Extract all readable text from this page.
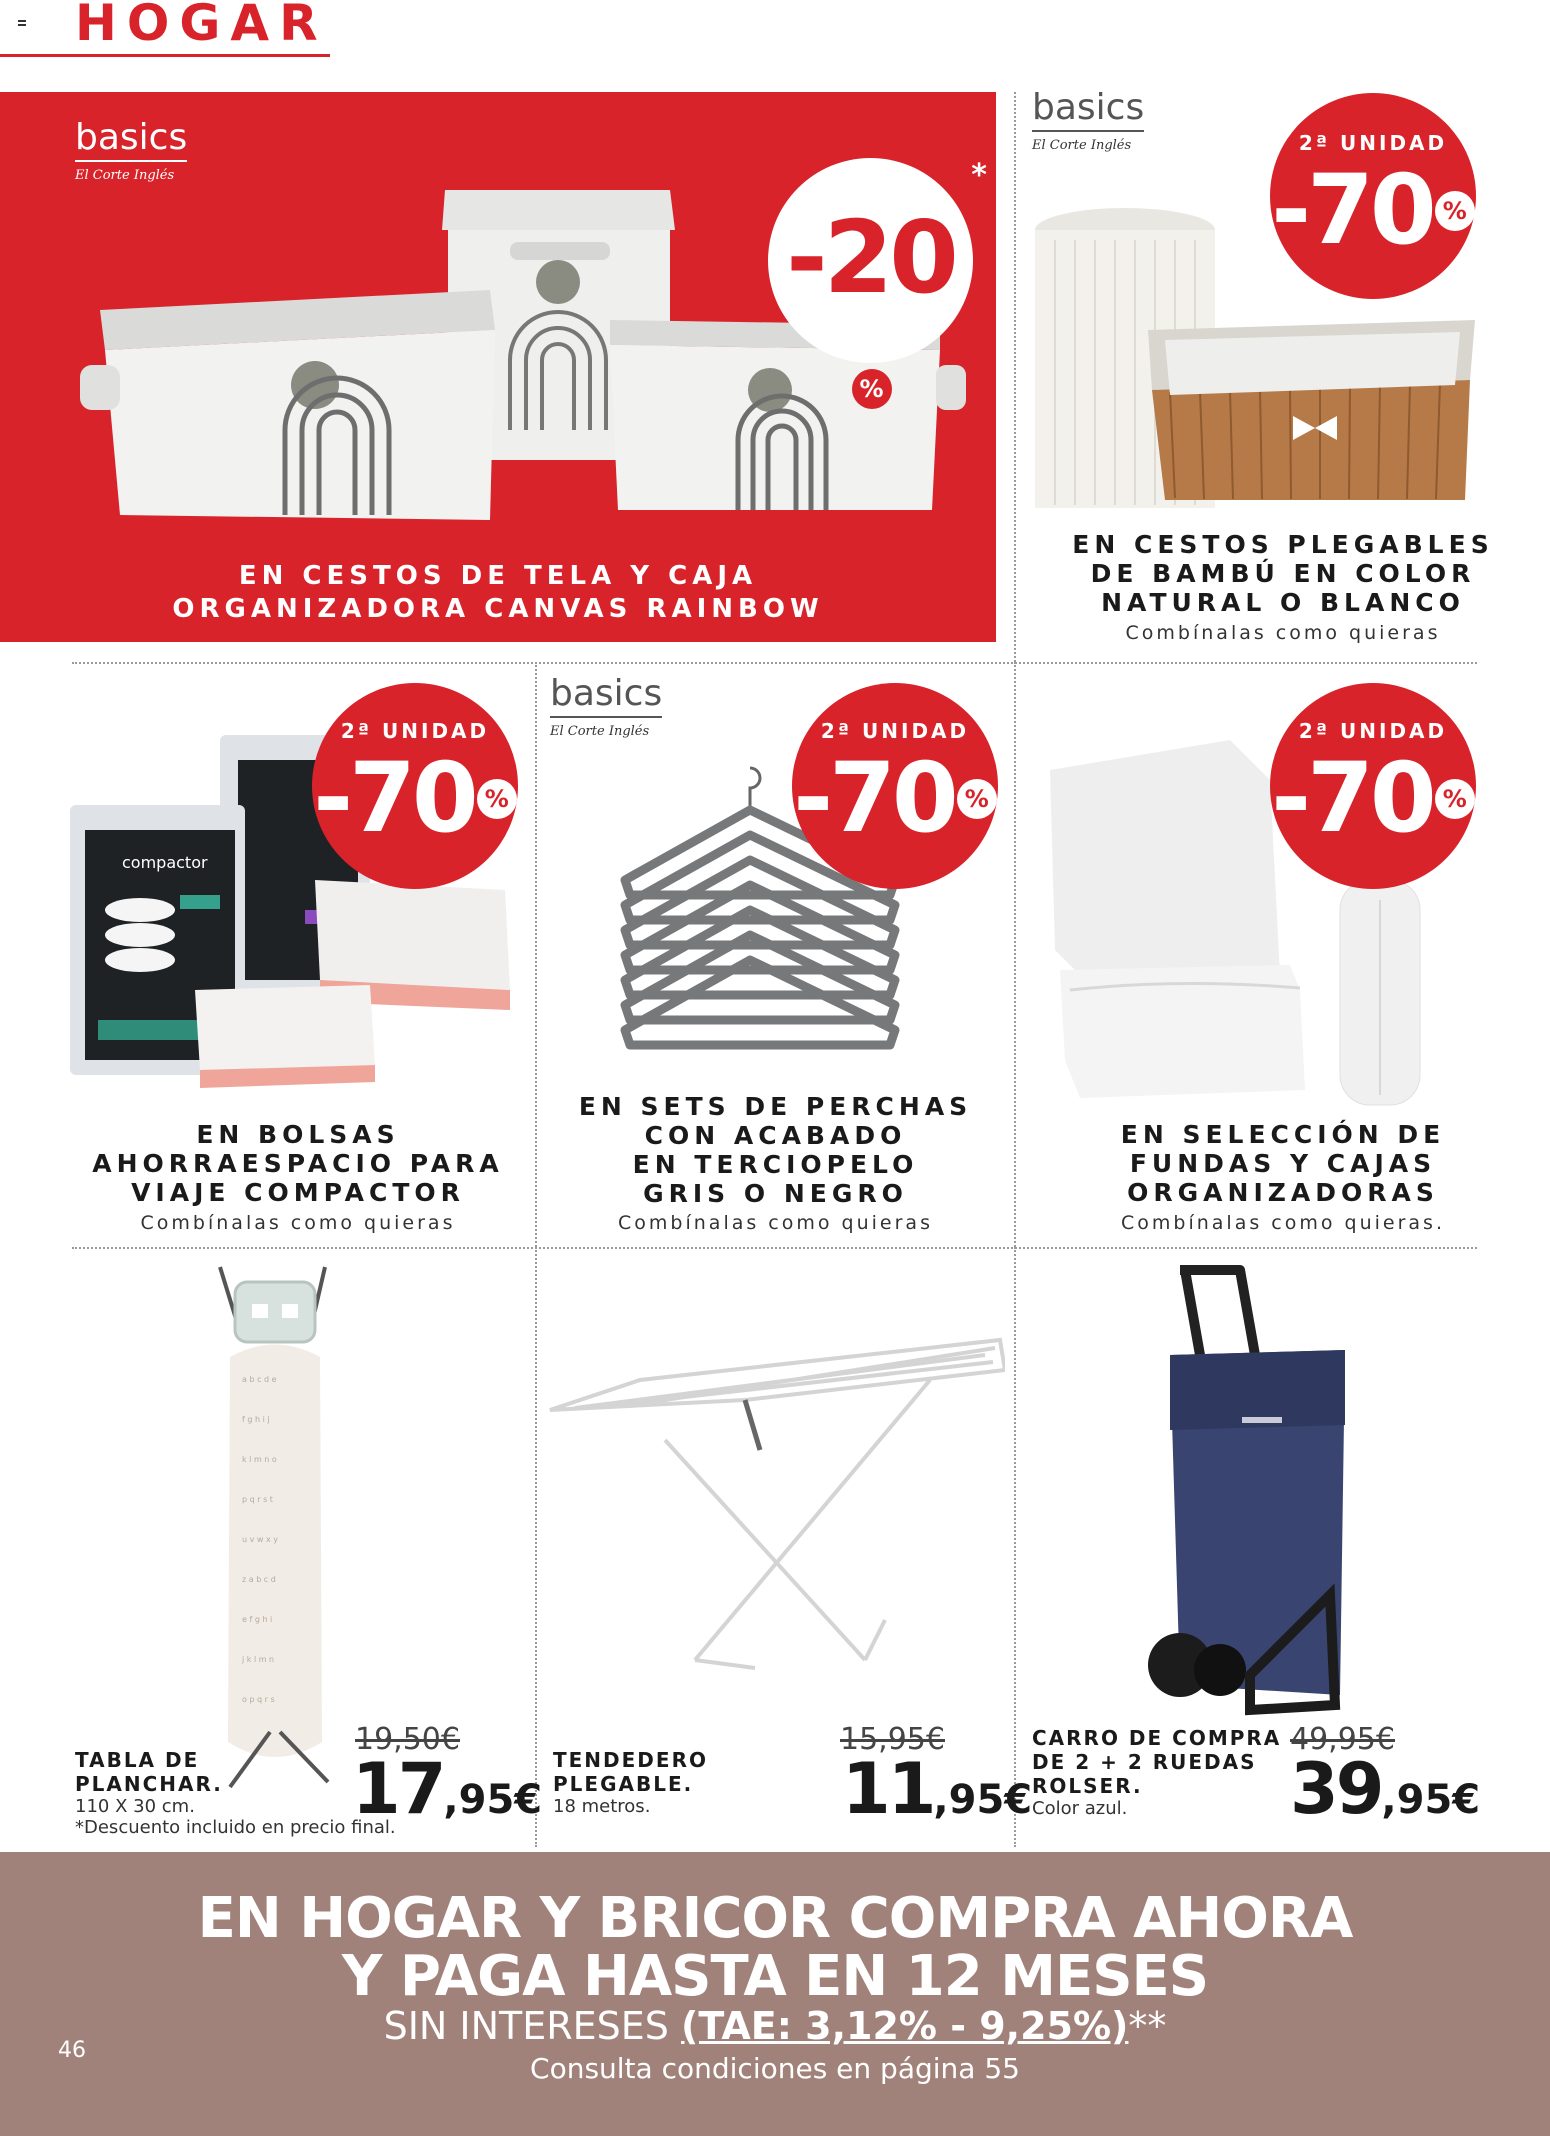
HOGAR
basics
El Corte Inglés
-20%
*
EN CESTOS DE TELA Y CAJA
ORGANIZADORA CANVAS RAINBOW
basics
El Corte Inglés	2ª UNIDAD
-70 %
EN CESTOS PLEGABLES
DE BAMBÚ EN COLOR
NATURAL O BLANCO
Combínalas como quieras
compactor
2ª UNIDAD
-70 %
EN BOLSAS
AHORRAESPACIO PARA
VIAJE COMPACTOR
Combínalas como quieras
basics
El Corte Inglés	2ª UNIDAD
-70 %
EN SETS DE PERCHAS
CON ACABADO
EN TERCIOPELO
GRIS O NEGRO
Combínalas como quieras
2ª UNIDAD
-70 %
EN SELECCIÓN DE
FUNDAS Y CAJAS
ORGANIZADORAS
Combínalas como quieras.
a b c d e
f g h i j
k l m n o
p q r s t
u v w x y
z a b c d
e f g h i
j k l m n
o p q r s
TABLA DE
PLANCHAR.
110 X 30 cm.
*Descuento incluido en precio final.
19,50€
17,95€
TENDEDERO
PLEGABLE.
18 metros.
15,95€
11,95€
CARRO DE COMPRA
DE 2 + 2 RUEDAS
ROLSER.
Color azul.
49,95€
39,95€
EN HOGAR Y BRICOR COMPRA AHORA
Y PAGA HASTA EN 12 MESES
SIN INTERESES (TAE: 3,12% - 9,25%)**
Consulta condiciones en página 55
46
